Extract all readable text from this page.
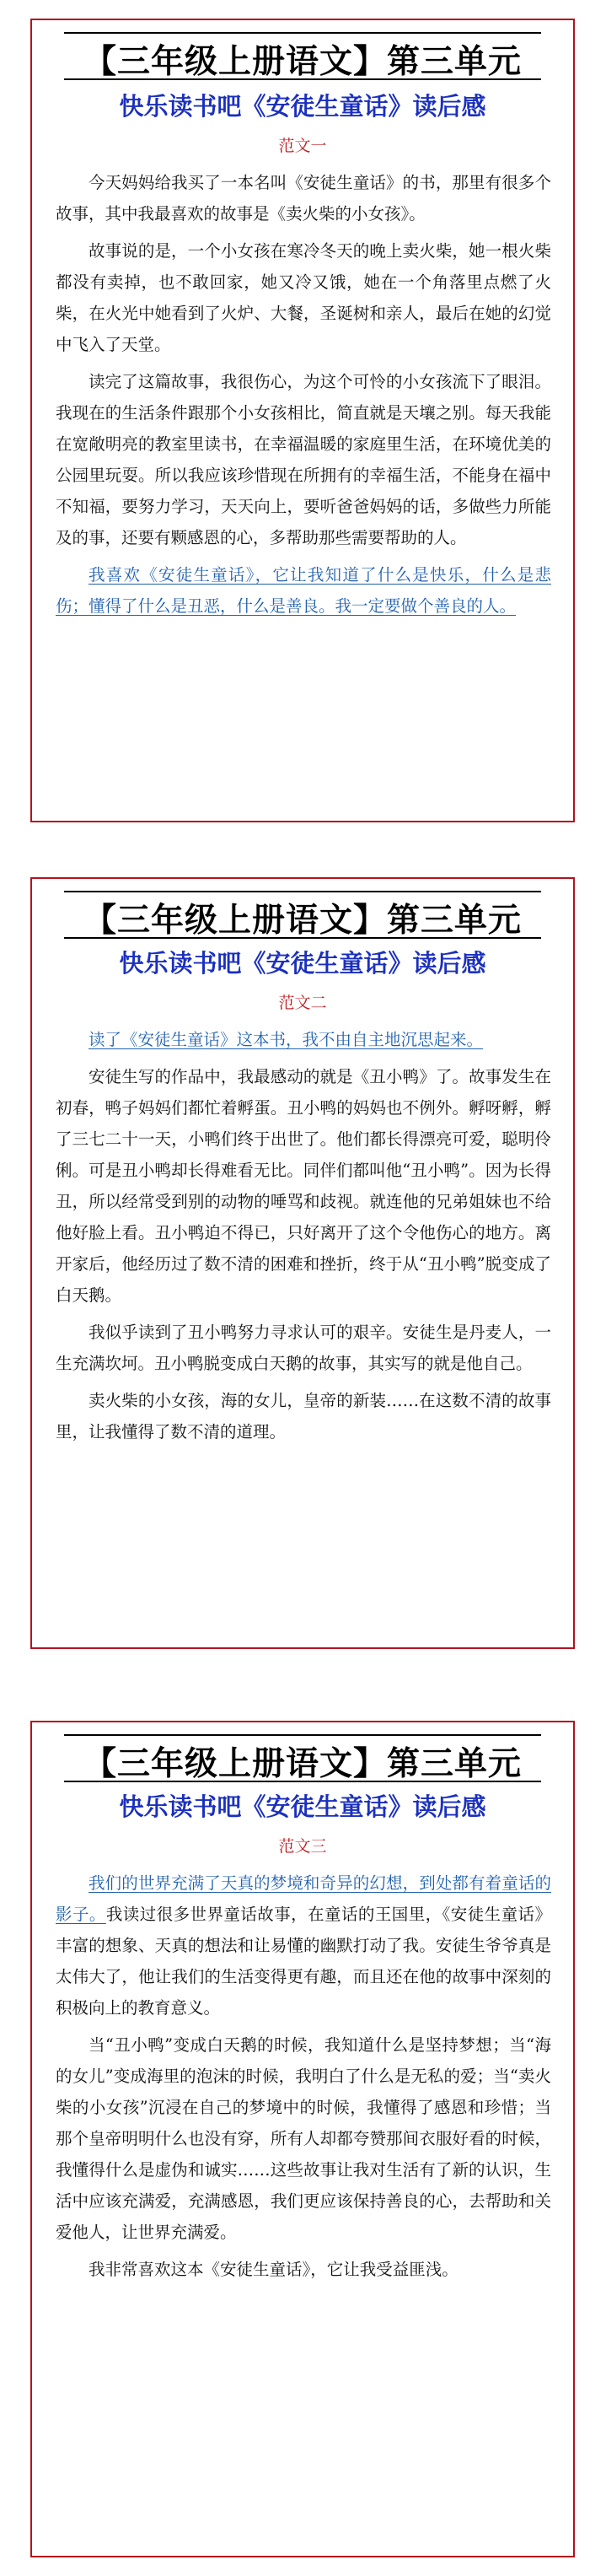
【三年级上册语文】第三单元
快乐读书吧《安徒生童话》读后感
范文一

今天妈妈给我买了一本名叫《安徒生童话》的书，那里有很多个故事，其中我最喜欢的故事是《卖火柴的小女孩》。

故事说的是，一个小女孩在寒冷冬天的晚上卖火柴，她一根火柴都没有卖掉，也不敢回家，她又冷又饿，她在一个角落里点燃了火柴，在火光中她看到了火炉、大餐，圣诞树和亲人，最后在她的幻觉中飞入了天堂。

读完了这篇故事，我很伤心，为这个可怜的小女孩流下了眼泪。我现在的生活条件跟那个小女孩相比，简直就是天壤之别。每天我能在宽敞明亮的教室里读书，在幸福温暖的家庭里生活，在环境优美的公园里玩耍。所以我应该珍惜现在所拥有的幸福生活，不能身在福中不知福，要努力学习，天天向上，要听爸爸妈妈的话，多做些力所能及的事，还要有颗感恩的心，多帮助那些需要帮助的人。

我喜欢《安徒生童话》，它让我知道了什么是快乐，什么是悲伤；懂得了什么是丑恶，什么是善良。我一定要做个善良的人。

【三年级上册语文】第三单元
快乐读书吧《安徒生童话》读后感
范文二

读了《安徒生童话》这本书，我不由自主地沉思起来。

安徒生写的作品中，我最感动的就是《丑小鸭》了。故事发生在初春，鸭子妈妈们都忙着孵蛋。丑小鸭的妈妈也不例外。孵呀孵，孵了三七二十一天，小鸭们终于出世了。他们都长得漂亮可爱，聪明伶俐。可是丑小鸭却长得难看无比。同伴们都叫他“丑小鸭”。因为长得丑，所以经常受到别的动物的唾骂和歧视。就连他的兄弟姐妹也不给他好脸上看。丑小鸭迫不得已，只好离开了这个令他伤心的地方。离开家后，他经历过了数不清的困难和挫折，终于从“丑小鸭”脱变成了白天鹅。

我似乎读到了丑小鸭努力寻求认可的艰辛。安徒生是丹麦人，一生充满坎坷。丑小鸭脱变成白天鹅的故事，其实写的就是他自己。

卖火柴的小女孩，海的女儿，皇帝的新装……在这数不清的故事里，让我懂得了数不清的道理。

【三年级上册语文】第三单元
快乐读书吧《安徒生童话》读后感
范文三

我们的世界充满了天真的梦境和奇异的幻想，到处都有着童话的影子。我读过很多世界童话故事，在童话的王国里，《安徒生童话》丰富的想象、天真的想法和让易懂的幽默打动了我。安徒生爷爷真是太伟大了，他让我们的生活变得更有趣，而且还在他的故事中深刻的积极向上的教育意义。

当“丑小鸭”变成白天鹅的时候，我知道什么是坚持梦想；当“海的女儿”变成海里的泡沫的时候，我明白了什么是无私的爱；当“卖火柴的小女孩”沉浸在自己的梦境中的时候，我懂得了感恩和珍惜；当那个皇帝明明什么也没有穿，所有人却都夸赞那间衣服好看的时候，我懂得什么是虚伪和诚实……这些故事让我对生活有了新的认识，生活中应该充满爱，充满感恩，我们更应该保持善良的心，去帮助和关爱他人，让世界充满爱。

我非常喜欢这本《安徒生童话》，它让我受益匪浅。
